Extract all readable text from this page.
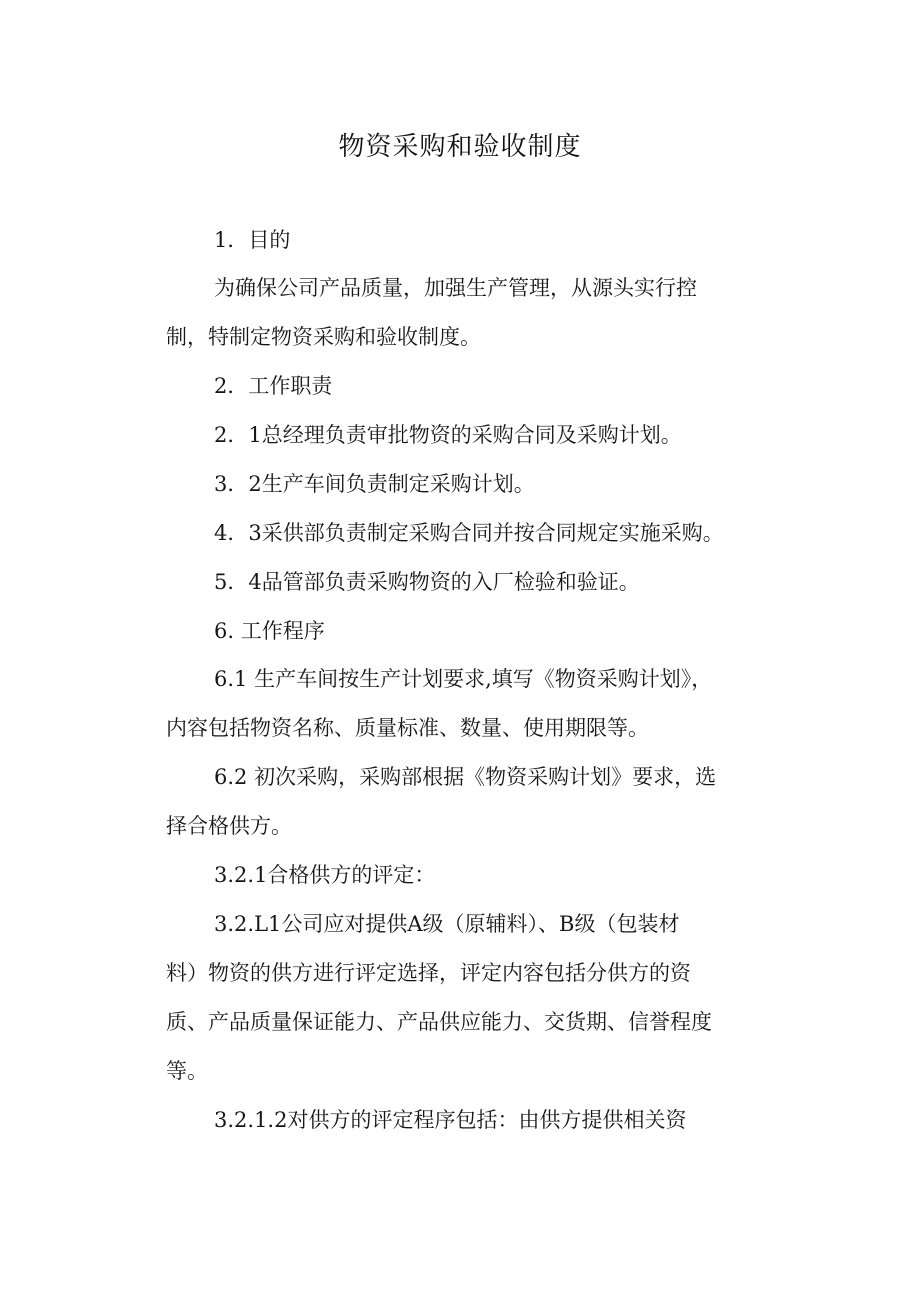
物资采购和验收制度
1．目的
为确保公司产品质量，加强生产管理，从源头实行控
制，特制定物资采购和验收制度。
2．工作职责
2．1总经理负责审批物资的采购合同及采购计划。
3．2生产车间负责制定采购计划。
4．3采供部负责制定采购合同并按合同规定实施采购。
5．4品管部负责采购物资的入厂检验和验证。
6. 工作程序
6.1 生产车间按生产计划要求,填写《物资采购计划》，
内容包括物资名称、质量标准、数量、使用期限等。
6.2 初次采购，采购部根据《物资采购计划》要求，选
择合格供方。
3.2.1合格供方的评定：
3.2.L1公司应对提供A级（原辅料）、B级（包装材
料）物资的供方进行评定选择，评定内容包括分供方的资
质、产品质量保证能力、产品供应能力、交货期、信誉程度
等。
3.2.1.2对供方的评定程序包括：由供方提供相关资
